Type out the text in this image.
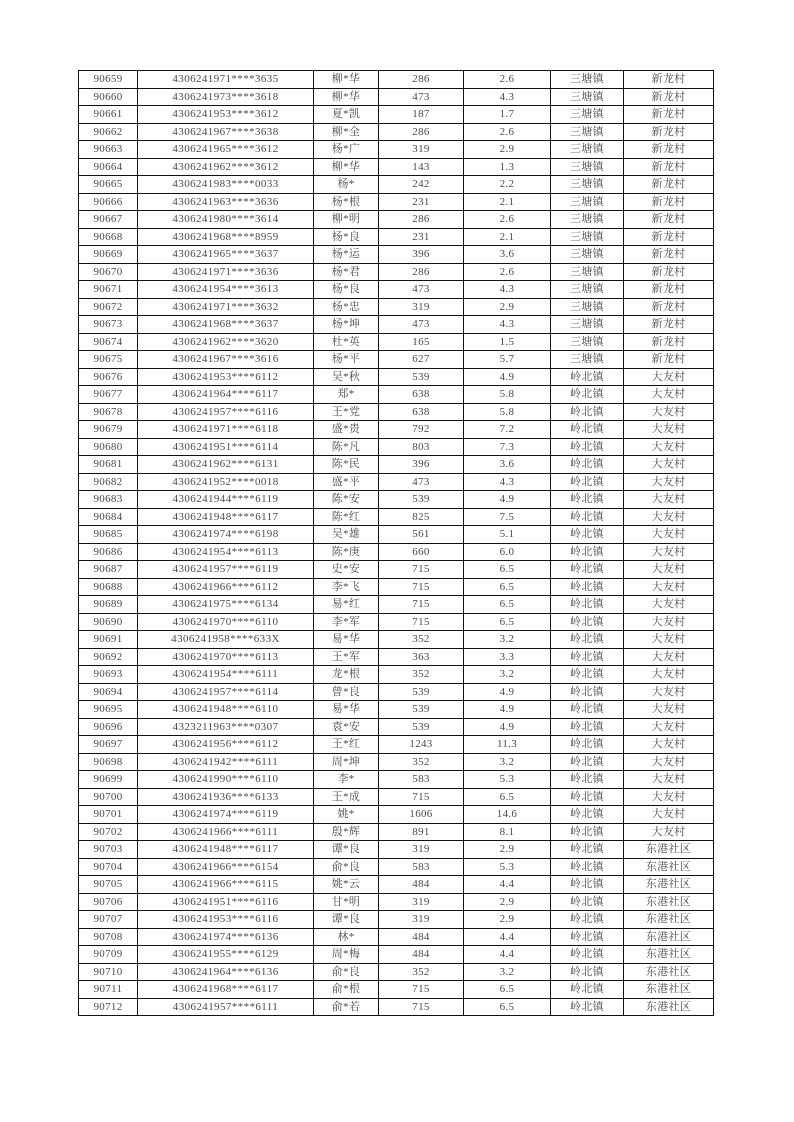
90659	4306241971****3635	柳*华	286	2.6	三塘镇	新龙村
90660	4306241973****3618	柳*华	473	4.3	三塘镇	新龙村
90661	4306241953****3612	夏*凯	187	1.7	三塘镇	新龙村
90662	4306241967****3638	柳*全	286	2.6	三塘镇	新龙村
90663	4306241965****3612	杨*广	319	2.9	三塘镇	新龙村
90664	4306241962****3612	柳*华	143	1.3	三塘镇	新龙村
90665	4306241983****0033	杨*	242	2.2	三塘镇	新龙村
90666	4306241963****3636	杨*根	231	2.1	三塘镇	新龙村
90667	4306241980****3614	柳*明	286	2.6	三塘镇	新龙村
90668	4306241968****8959	杨*良	231	2.1	三塘镇	新龙村
90669	4306241965****3637	杨*运	396	3.6	三塘镇	新龙村
90670	4306241971****3636	杨*君	286	2.6	三塘镇	新龙村
90671	4306241954****3613	杨*良	473	4.3	三塘镇	新龙村
90672	4306241971****3632	杨*忠	319	2.9	三塘镇	新龙村
90673	4306241968****3637	杨*坤	473	4.3	三塘镇	新龙村
90674	4306241962****3620	杜*英	165	1.5	三塘镇	新龙村
90675	4306241967****3616	杨*平	627	5.7	三塘镇	新龙村
90676	4306241953****6112	吴*秋	539	4.9	岭北镇	大友村
90677	4306241964****6117	郑*	638	5.8	岭北镇	大友村
90678	4306241957****6116	王*党	638	5.8	岭北镇	大友村
90679	4306241971****6118	盛*贵	792	7.2	岭北镇	大友村
90680	4306241951****6114	陈*凡	803	7.3	岭北镇	大友村
90681	4306241962****6131	陈*民	396	3.6	岭北镇	大友村
90682	4306241952****0018	盛*平	473	4.3	岭北镇	大友村
90683	4306241944****6119	陈*安	539	4.9	岭北镇	大友村
90684	4306241948****6117	陈*红	825	7.5	岭北镇	大友村
90685	4306241974****6198	吴*雄	561	5.1	岭北镇	大友村
90686	4306241954****6113	陈*庚	660	6.0	岭北镇	大友村
90687	4306241957****6119	史*安	715	6.5	岭北镇	大友村
90688	4306241966****6112	李*飞	715	6.5	岭北镇	大友村
90689	4306241975****6134	易*红	715	6.5	岭北镇	大友村
90690	4306241970****6110	李*军	715	6.5	岭北镇	大友村
90691	4306241958****633X	易*华	352	3.2	岭北镇	大友村
90692	4306241970****6113	王*军	363	3.3	岭北镇	大友村
90693	4306241954****6111	龙*根	352	3.2	岭北镇	大友村
90694	4306241957****6114	曾*良	539	4.9	岭北镇	大友村
90695	4306241948****6110	易*华	539	4.9	岭北镇	大友村
90696	4323211963****0307	袁*安	539	4.9	岭北镇	大友村
90697	4306241956****6112	王*红	1243	11.3	岭北镇	大友村
90698	4306241942****6111	周*坤	352	3.2	岭北镇	大友村
90699	4306241990****6110	李*	583	5.3	岭北镇	大友村
90700	4306241936****6133	王*成	715	6.5	岭北镇	大友村
90701	4306241974****6119	姚*	1606	14.6	岭北镇	大友村
90702	4306241966****6111	殷*辉	891	8.1	岭北镇	大友村
90703	4306241948****6117	谭*良	319	2.9	岭北镇	东港社区
90704	4306241966****6154	俞*良	583	5.3	岭北镇	东港社区
90705	4306241966****6115	姚*云	484	4.4	岭北镇	东港社区
90706	4306241951****6116	甘*明	319	2.9	岭北镇	东港社区
90707	4306241953****6116	谭*良	319	2.9	岭北镇	东港社区
90708	4306241974****6136	林*	484	4.4	岭北镇	东港社区
90709	4306241955****6129	周*梅	484	4.4	岭北镇	东港社区
90710	4306241964****6136	俞*良	352	3.2	岭北镇	东港社区
90711	4306241968****6117	俞*根	715	6.5	岭北镇	东港社区
90712	4306241957****6111	俞*若	715	6.5	岭北镇	东港社区
